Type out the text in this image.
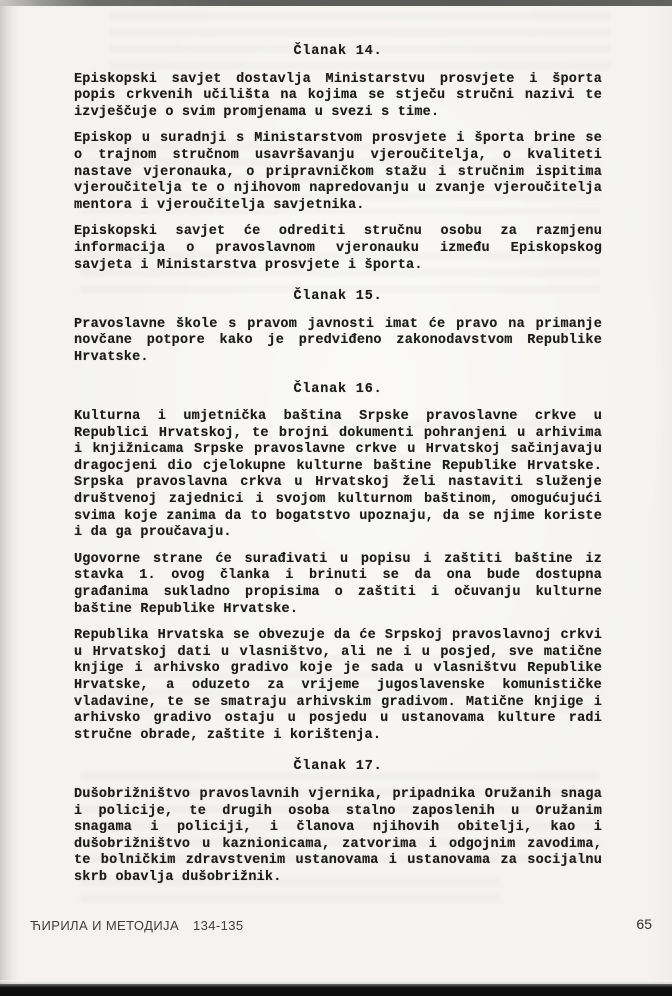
Članak 14.

Episkopski savjet dostavlja Ministarstvu prosvjete i športa popis crkvenih učilišta na kojima se stječu stručni nazivi te izvješčuje o svim promjenama u svezi s time.

Episkop u suradnji s Ministarstvom prosvjete i športa brine se o trajnom stručnom usavršavanju vjeroučitelja, o kvaliteti nastave vjeronauka, o pripravničkom stažu i stručnim ispitima vjeroučitelja te o njihovom napredovanju u zvanje vjeroučitelja mentora i vjeroučitelja savjetnika.

Episkopski savjet će odrediti stručnu osobu za razmjenu informacija o pravoslavnom vjeronauku između Episkopskog savjeta i Ministarstva prosvjete i športa.

Članak 15.

Pravoslavne škole s pravom javnosti imat će pravo na primanje novčane potpore kako je predviđeno zakonodavstvom Republike Hrvatske.

Članak 16.

Kulturna i umjetnička baština Srpske pravoslavne crkve u Republici Hrvatskoj, te brojni dokumenti pohranjeni u arhivima i knjižnicama Srpske pravoslavne crkve u Hrvatskoj sačinjavaju dragocjeni dio cjelokupne kulturne baštine Republike Hrvatske. Srpska pravoslavna crkva u Hrvatskoj želi nastaviti služenje društvenoj zajednici i svojom kulturnom baštinom, omogućujući svima koje zanima da to bogatstvo upoznaju, da se njime koriste i da ga proučavaju.

Ugovorne strane će surađivati u popisu i zaštiti baštine iz stavka 1. ovog članka i brinuti se da ona bude dostupna građanima sukladno propisima o zaštiti i očuvanju kulturne baštine Republike Hrvatske.

Republika Hrvatska se obvezuje da će Srpskoj pravoslavnoj crkvi u Hrvatskoj dati u vlasništvo, ali ne i u posjed, sve matične knjige i arhivsko gradivo koje je sada u vlasništvu Republike Hrvatske, a oduzeto za vrijeme jugoslavenske komunističke vladavine, te se smatraju arhivskim gradivom. Matične knjige i arhivsko gradivo ostaju u posjedu u ustanovama kulture radi stručne obrade, zaštite i korištenja.

Članak 17.

Dušobrižništvo pravoslavnih vjernika, pripadnika Oružanih snaga i policije, te drugih osoba stalno zaposlenih u Oružanim snagama i policiji, i članova njihovih obitelji, kao i dušobrižništvo u kaznionicama, zatvorima i odgojnim zavodima, te bolničkim zdravstvenim ustanovama i ustanovama za socijalnu skrb obavlja dušobrižnik.

ЋИРИЛА И МЕТОДИЈА 134-135	65
